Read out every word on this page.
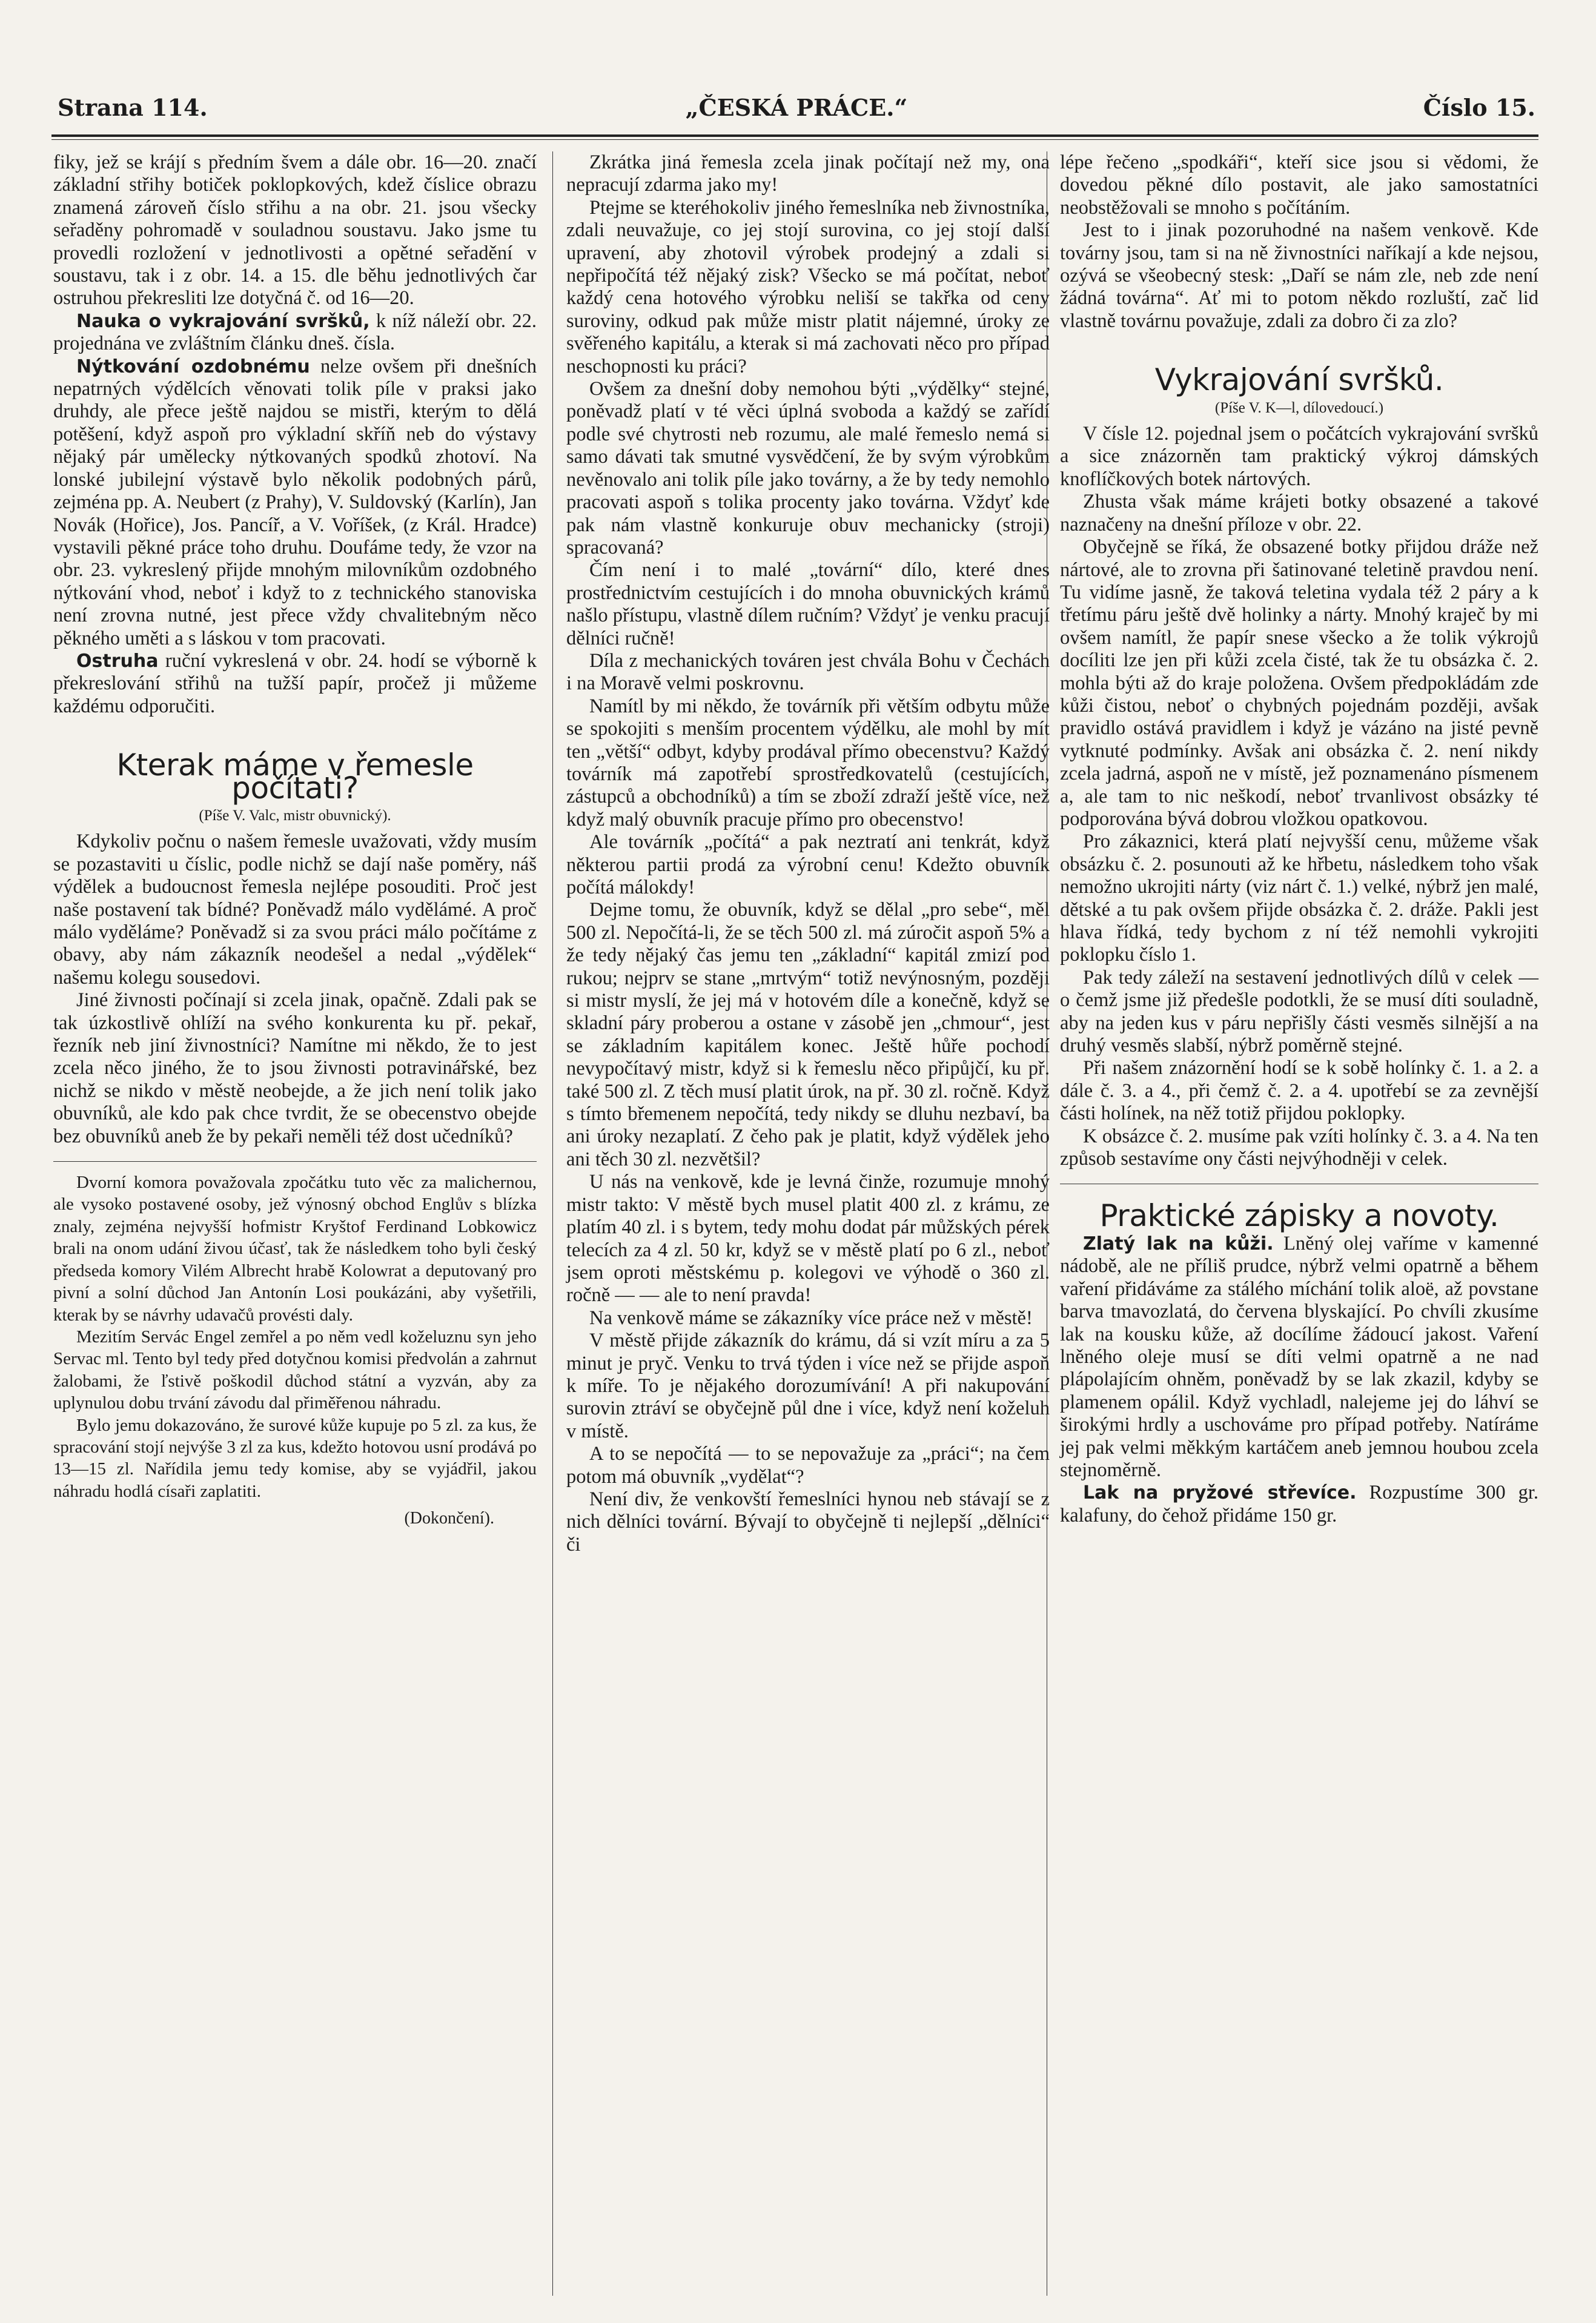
„ČESKÁ PRÁCE.“
Strana 114.	Číslo 15.

fiky, jež se krájí s předním švem a dále obr. 16—20. značí základní střihy botiček poklopkových, kdež číslice obrazu znamená zároveň číslo střihu a na obr. 21. jsou všecky seřaděny pohromadě v souladnou soustavu. Jako jsme tu provedli rozložení v jednotlivosti a opětné seřadění v soustavu, tak i z obr. 14. a 15. dle běhu jednotlivých čar ostruhou překresliti lze dotyčná č. od 16—20.

Nauka o vykrajování svršků, k níž náleží obr. 22. projednána ve zvláštním článku dneš. čísla.

Nýtkování ozdobnému nelze ovšem při dnešních nepatrných výdělcích věnovati tolik píle v praksi jako druhdy, ale přece ještě najdou se mistři, kterým to dělá potěšení, když aspoň pro výkladní skříň neb do výstavy nějaký pár umělecky nýtkovaných spodků zhotoví. Na lonské jubilejní výstavě bylo několik podobných párů, zejména pp. A. Neubert (z Prahy), V. Suldovský (Karlín), Jan Novák (Hořice), Jos. Pancíř, a V. Voříšek, (z Král. Hradce) vystavili pěkné práce toho druhu. Doufáme tedy, že vzor na obr. 23. vykreslený přijde mnohým milovníkům ozdobného nýtkování vhod, neboť i když to z technického stanoviska není zrovna nutné, jest přece vždy chvalitebným něco pěkného uměti a s láskou v tom pracovati.

Ostruha ruční vykreslená v obr. 24. hodí se výborně k překreslování střihů na tužší papír, pročež ji můžeme každému odporučiti.

Kterak máme v řemesle počítati?
(Píše V. Valc, mistr obuvnický).

Kdykoliv počnu o našem řemesle uvažovati, vždy musím se pozastaviti u číslic, podle nichž se dají naše poměry, náš výdělek a budoucnost řemesla nejlépe posouditi. Proč jest naše postavení tak bídné? Poněvadž málo vydělámé. A proč málo vyděláme? Poněvadž si za svou práci málo počítáme z obavy, aby nám zákazník neodešel a nedal „výdělek“ našemu kolegu sousedovi.

Jiné živnosti počínají si zcela jinak, opačně. Zdali pak se tak úzkostlivě ohlíží na svého konkurenta ku př. pekař, řezník neb jiní živnostníci? Namítne mi někdo, že to jest zcela něco jiného, že to jsou živnosti potravinářské, bez nichž se nikdo v městě neobejde, a že jich není tolik jako obuvníků, ale kdo pak chce tvrdit, že se obecenstvo obejde bez obuvníků aneb že by pekaři neměli též dost učedníků?

Dvorní komora považovala zpočátku tuto věc za malichernou, ale vysoko postavené osoby, jež výnosný obchod Englův s blízka znaly, zejména nejvyšší hofmistr Kryštof Ferdinand Lobkowicz brali na onom udání živou účasť, tak že následkem toho byli český předseda komory Vilém Albrecht hrabě Kolowrat a deputovaný pro pivní a solní důchod Jan Antonín Losi poukázáni, aby vyšetřili, kterak by se návrhy udavačů provésti daly.

Mezitím Servác Engel zemřel a po něm vedl koželuznu syn jeho Servac ml. Tento byl tedy před dotyčnou komisi předvolán a zahrnut žalobami, že ľstivě poškodil důchod státní a vyzván, aby za uplynulou dobu trvání závodu dal přiměřenou náhradu.

Bylo jemu dokazováno, že surové kůže kupuje po 5 zl. za kus, že spracování stojí nejvýše 3 zl za kus, kdežto hotovou usní prodává po 13—15 zl. Nařídila jemu tedy komise, aby se vyjádřil, jakou náhradu hodlá císaři zaplatiti.

(Dokončení).

Zkrátka jiná řemesla zcela jinak počítají než my, ona nepracují zdarma jako my!

Ptejme se kteréhokoliv jiného řemeslníka neb živnostníka, zdali neuvažuje, co jej stojí surovina, co jej stojí další upravení, aby zhotovil výrobek prodejný a zdali si nepřipočítá též nějaký zisk? Všecko se má počítat, neboť každý cena hotového výrobku neliší se takřka od ceny suroviny, odkud pak může mistr platit nájemné, úroky ze svěřeného kapitálu, a kterak si má zachovati něco pro případ neschopnosti ku práci?

Ovšem za dnešní doby nemohou býti „výdělky“ stejné, poněvadž platí v té věci úplná svoboda a každý se zařídí podle své chytrosti neb rozumu, ale malé řemeslo nemá si samo dávati tak smutné vysvědčení, že by svým výrobkům nevěnovalo ani tolik píle jako továrny, a že by tedy nemohlo pracovati aspoň s tolika procenty jako továrna. Vždyť kde pak nám vlastně konkuruje obuv mechanicky (stroji) spracovaná?

Čím není i to malé „tovární“ dílo, které dnes prostřednictvím cestujících i do mnoha obuvnických krámů našlo přístupu, vlastně dílem ručním? Vždyť je venku pracují dělníci ručně!

Díla z mechanických továren jest chvála Bohu v Čechách i na Moravě velmi poskrovnu.

Namítl by mi někdo, že továrník při větším odbytu může se spokojiti s menším procentem výdělku, ale mohl by mít ten „větší“ odbyt, kdyby prodával přímo obecenstvu? Každý továrník má zapotřebí sprostředkovatelů (cestujících, zástupců a obchodníků) a tím se zboží zdraží ještě více, než když malý obuvník pracuje přímo pro obecenstvo!

Ale továrník „počítá“ a pak neztratí ani tenkrát, když některou partii prodá za výrobní cenu! Kdežto obuvník počítá málokdy!

Dejme tomu, že obuvník, když se dělal „pro sebe“, měl 500 zl. Nepočítá-li, že se těch 500 zl. má zúročit aspoň 5% a že tedy nějaký čas jemu ten „základní“ kapitál zmizí pod rukou; nejprv se stane „mrtvým“ totiž nevýnosným, později si mistr myslí, že jej má v hotovém díle a konečně, když se skladní páry proberou a ostane v zásobě jen „chmour“, jest se základním kapitálem konec. Ještě hůře pochodí nevypočítavý mistr, když si k řemeslu něco připůjčí, ku př. také 500 zl. Z těch musí platit úrok, na př. 30 zl. ročně. Když s tímto břemenem nepočítá, tedy nikdy se dluhu nezbaví, ba ani úroky nezaplatí. Z čeho pak je platit, když výdělek jeho ani těch 30 zl. nezvětšil?

U nás na venkově, kde je levná činže, rozumuje mnohý mistr takto: V městě bych musel platit 400 zl. z krámu, ze platím 40 zl. i s bytem, tedy mohu dodat pár můžských pérek telecích za 4 zl. 50 kr, když se v městě platí po 6 zl., neboť jsem oproti městskému p. kolegovi ve výhodě o 360 zl. ročně — — ale to není pravda!

Na venkově máme se zákazníky více práce než v městě!

V městě přijde zákazník do krámu, dá si vzít míru a za 5 minut je pryč. Venku to trvá týden i více než se přijde aspoň k míře. To je nějakého dorozumívání! A při nakupování surovin ztráví se obyčejně půl dne i více, když není koželuh v místě.

A to se nepočítá — to se nepovažuje za „práci“; na čem potom má obuvník „vydělat“?

Není div, že venkovští řemeslníci hynou neb stávají se z nich dělníci tovární. Bývají to obyčejně ti nejlepší „dělníci“ či

lépe řečeno „spodkáři“, kteří sice jsou si vědomi, že dovedou pěkné dílo postavit, ale jako samostatníci neobstěžovali se mnoho s počítáním.

Jest to i jinak pozoruhodné na našem venkově. Kde továrny jsou, tam si na ně živnostníci naříkají a kde nejsou, ozývá se všeobecný stesk: „Daří se nám zle, neb zde není žádná továrna“. Ať mi to potom někdo rozluští, zač lid vlastně továrnu považuje, zdali za dobro či za zlo?

Vykrajování svršků.
(Píše V. K—l, dílovedoucí.)

V čísle 12. pojednal jsem o počátcích vykrajování svršků a sice znázorněn tam praktický výkroj dámských knoflíčkových botek nártových.

Zhusta však máme krájeti botky obsazené a takové naznačeny na dnešní příloze v obr. 22.

Obyčejně se říká, že obsazené botky přijdou dráže než nártové, ale to zrovna při šatinované teletině pravdou není. Tu vidíme jasně, že taková teletina vydala též 2 páry a k třetímu páru ještě dvě holinky a nárty. Mnohý kraječ by mi ovšem namítl, že papír snese všecko a že tolik výkrojů docíliti lze jen při kůži zcela čisté, tak že tu obsázka č. 2. mohla býti až do kraje položena. Ovšem předpokládám zde kůži čistou, neboť o chybných pojednám později, avšak pravidlo ostává pravidlem i když je vázáno na jisté pevně vytknuté podmínky. Avšak ani obsázka č. 2. není nikdy zcela jadrná, aspoň ne v místě, jež poznamenáno písmenem a, ale tam to nic neškodí, neboť trvanlivost obsázky té podporována bývá dobrou vložkou opatkovou.

Pro zákaznici, která platí nejvyšší cenu, můžeme však obsázku č. 2. posunouti až ke hřbetu, následkem toho však nemožno ukrojiti nárty (viz nárt č. 1.) velké, nýbrž jen malé, dětské a tu pak ovšem přijde obsázka č. 2. dráže. Pakli jest hlava řídká, tedy bychom z ní též nemohli vykrojiti poklopku číslo 1.

Pak tedy záleží na sestavení jednotlivých dílů v celek — o čemž jsme již předešle podotkli, že se musí díti souladně, aby na jeden kus v páru nepřišly části vesměs silnější a na druhý vesměs slabší, nýbrž poměrně stejné.

Při našem znázornění hodí se k sobě holínky č. 1. a 2. a dále č. 3. a 4., při čemž č. 2. a 4. upotřebí se za zevnější části holínek, na něž totiž přijdou poklopky.

K obsázce č. 2. musíme pak vzíti holínky č. 3. a 4. Na ten způsob sestavíme ony části nejvýhodněji v celek.

Praktické zápisky a novoty.

Zlatý lak na kůži. Lněný olej vaříme v kamenné nádobě, ale ne příliš prudce, nýbrž velmi opatrně a během vaření přidáváme za stálého míchání tolik aloë, až povstane barva tmavozlatá, do červena blyskající. Po chvíli zkusíme lak na kousku kůže, až docílíme žádoucí jakost. Vaření lněného oleje musí se díti velmi opatrně a ne nad plápolajícím ohněm, poněvadž by se lak zkazil, kdyby se plamenem opálil. Když vychladl, nalejeme jej do láhví se širokými hrdly a uschováme pro případ potřeby. Natíráme jej pak velmi měkkým kartáčem aneb jemnou houbou zcela stejnoměrně.

Lak na pryžové střevíce. Rozpustíme 300 gr. kalafuny, do čehož přidáme 150 gr.
